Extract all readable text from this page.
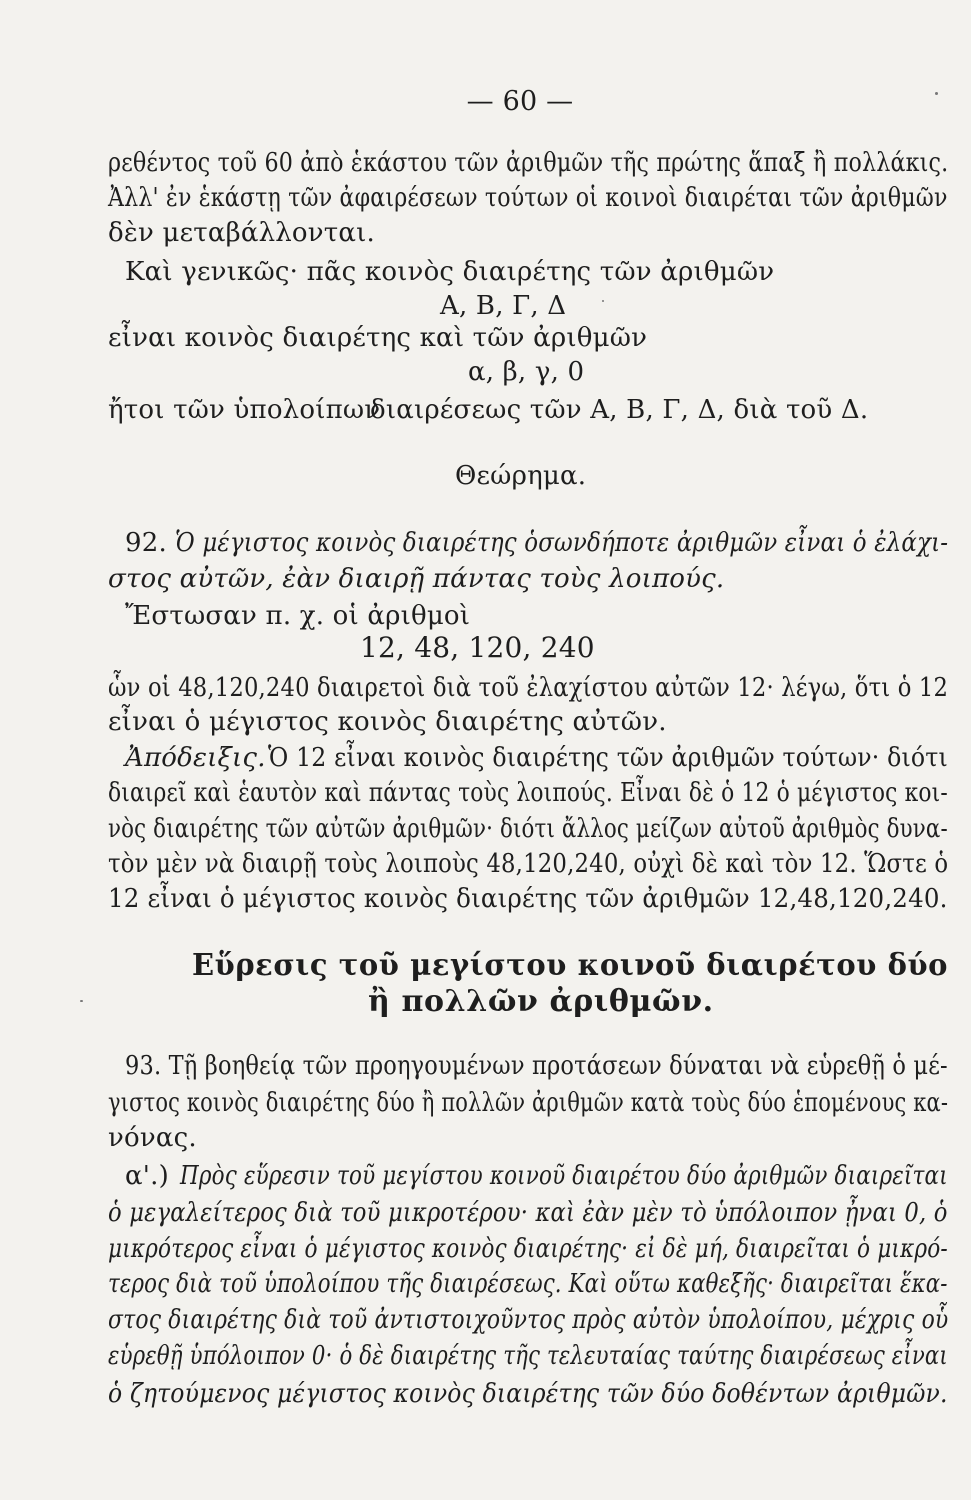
— 60 —
ρεθέντος τοῦ 60 ἀπὸ ἑκάστου τῶν ἀριθμῶν τῆς πρώτης ἅπαξ ἢ πολλάκις.
Ἀλλ' ἐν ἑκάστῃ τῶν ἀφαιρέσεων τούτων οἱ κοινοὶ διαιρέται τῶν ἀριθμῶν
δὲν μεταβάλλονται.
Καὶ γενικῶς· πᾶς κοινὸς διαιρέτης τῶν ἀριθμῶν
Α, Β, Γ, Δ
εἶναι κοινὸς διαιρέτης καὶ τῶν ἀριθμῶν
α, β, γ, 0
ἤτοι τῶν ὑπολοίπων
διαιρέσεως τῶν Α, Β, Γ, Δ, διὰ τοῦ Δ.
Θεώρημα.
92. Ὁ μέγιστος κοινὸς διαιρέτης ὁσωνδήποτε ἀριθμῶν εἶναι ὁ ἐλάχι-
στος αὐτῶν, ἐὰν διαιρῇ πάντας τοὺς λοιπούς.
Ἔστωσαν π. χ. οἱ ἀριθμοὶ
12, 48, 120, 240
ὧν οἱ 48,120,240 διαιρετοὶ διὰ τοῦ ἐλαχίστου αὐτῶν 12· λέγω, ὅτι ὁ 12
εἶναι ὁ μέγιστος κοινὸς διαιρέτης αὐτῶν.
Ἀπόδειξις. Ὁ 12 εἶναι κοινὸς διαιρέτης τῶν ἀριθμῶν τούτων· διότι
διαιρεῖ καὶ ἑαυτὸν καὶ πάντας τοὺς λοιπούς. Εἶναι δὲ ὁ 12 ὁ μέγιστος κοι-
νὸς διαιρέτης τῶν αὐτῶν ἀριθμῶν· διότι ἄλλος μείζων αὐτοῦ ἀριθμὸς δυνα-
τὸν μὲν νὰ διαιρῇ τοὺς λοιποὺς 48,120,240, οὐχὶ δὲ καὶ τὸν 12. Ὥστε ὁ
12 εἶναι ὁ μέγιστος κοινὸς διαιρέτης τῶν ἀριθμῶν 12,48,120,240.
Εὕρεσις τοῦ μεγίστου κοινοῦ διαιρέτου δύο
ἢ πολλῶν ἀριθμῶν.
93. Τῇ βοηθείᾳ τῶν προηγουμένων προτάσεων δύναται νὰ εὑρεθῇ ὁ μέ-
γιστος κοινὸς διαιρέτης δύο ἢ πολλῶν ἀριθμῶν κατὰ τοὺς δύο ἑπομένους κα-
νόνας.
α'.) Πρὸς εὕρεσιν τοῦ μεγίστου κοινοῦ διαιρέτου δύο ἀριθμῶν διαιρεῖται
ὁ μεγαλείτερος διὰ τοῦ μικροτέρου· καὶ ἐὰν μὲν τὸ ὑπόλοιπον ᾖναι 0, ὁ
μικρότερος εἶναι ὁ μέγιστος κοινὸς διαιρέτης· εἰ δὲ μή, διαιρεῖται ὁ μικρό-
τερος διὰ τοῦ ὑπολοίπου τῆς διαιρέσεως. Καὶ οὕτω καθεξῆς· διαιρεῖται ἕκα-
στος διαιρέτης διὰ τοῦ ἀντιστοιχοῦντος πρὸς αὐτὸν ὑπολοίπου, μέχρις οὗ
εὑρεθῇ ὑπόλοιπον 0· ὁ δὲ διαιρέτης τῆς τελευταίας ταύτης διαιρέσεως εἶναι
ὁ ζητούμενος μέγιστος κοινὸς διαιρέτης τῶν δύο δοθέντων ἀριθμῶν.
